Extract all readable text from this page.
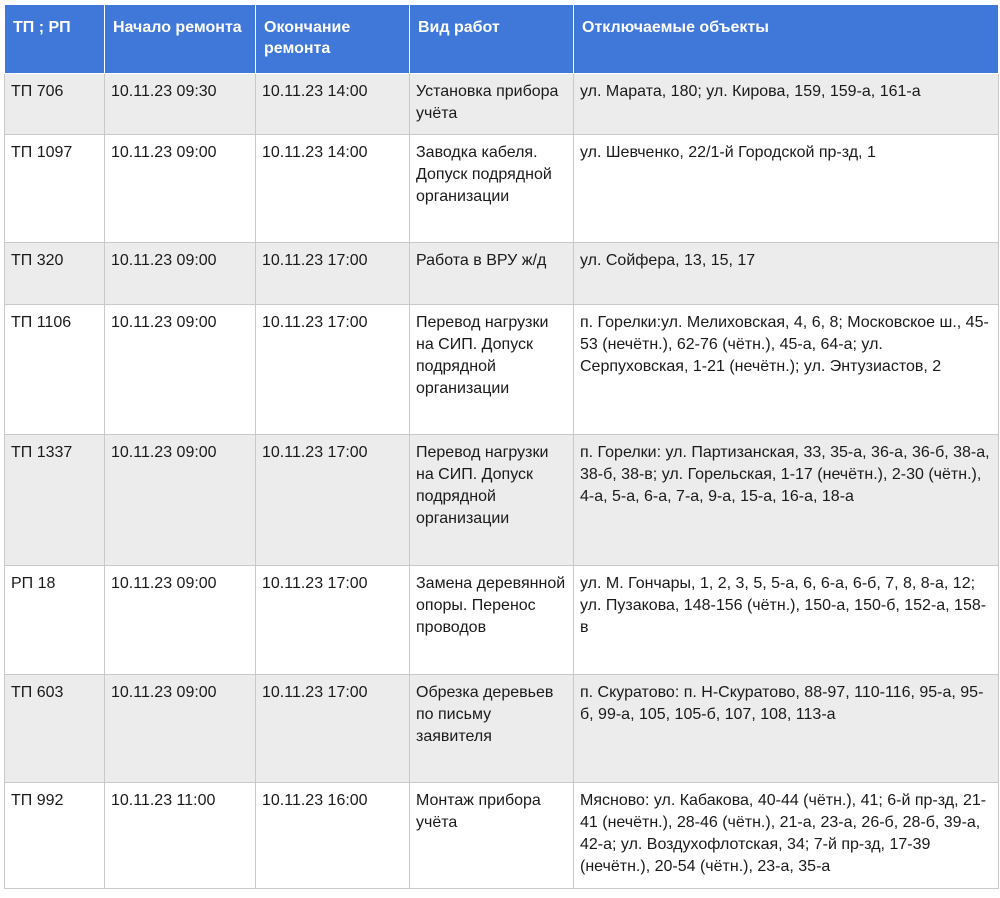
ТП ; РП	Начало ремонта	Окончание ремонта	Вид работ	Отключаемые объекты
ТП 706	10.11.23 09:30	10.11.23 14:00	Установка прибора учёта	ул. Марата, 180; ул. Кирова, 159, 159-а, 161-а
ТП 1097	10.11.23 09:00	10.11.23 14:00	Заводка кабеля. Допуск подрядной организации	ул. Шевченко, 22/1-й Городской пр-зд, 1
ТП 320	10.11.23 09:00	10.11.23 17:00	Работа в ВРУ ж/д	ул. Сойфера, 13, 15, 17
ТП 1106	10.11.23 09:00	10.11.23 17:00	Перевод нагрузки на СИП. Допуск подрядной организации	п. Горелки:ул. Мелиховская, 4, 6, 8; Московское ш., 45-53 (нечётн.), 62-76 (чётн.), 45-а, 64-а; ул. Серпуховская, 1-21 (нечётн.); ул. Энтузиастов, 2
ТП 1337	10.11.23 09:00	10.11.23 17:00	Перевод нагрузки на СИП. Допуск подрядной организации	п. Горелки: ул. Партизанская, 33, 35-а, 36-а, 36-б, 38-а, 38-б, 38-в; ул. Горельская, 1-17 (нечётн.), 2-30 (чётн.), 4-а, 5-а, 6-а, 7-а, 9-а, 15-а, 16-а, 18-а
РП 18	10.11.23 09:00	10.11.23 17:00	Замена деревянной опоры. Перенос проводов	ул. М. Гончары, 1, 2, 3, 5, 5-а, 6, 6-а, 6-б, 7, 8, 8-а, 12; ул. Пузакова, 148-156 (чётн.), 150-а, 150-б, 152-а, 158-в
ТП 603	10.11.23 09:00	10.11.23 17:00	Обрезка деревьев по письму заявителя	п. Скуратово: п. Н-Скуратово, 88-97, 110-116, 95-а, 95-б, 99-а, 105, 105-б, 107, 108, 113-а
ТП 992	10.11.23 11:00	10.11.23 16:00	Монтаж прибора учёта	Мясново: ул. Кабакова, 40-44 (чётн.), 41; 6-й пр-зд, 21-41 (нечётн.), 28-46 (чётн.), 21-а, 23-а, 26-б, 28-б, 39-а, 42-а; ул. Воздухофлотская, 34; 7-й пр-зд, 17-39 (нечётн.), 20-54 (чётн.), 23-а, 35-а
